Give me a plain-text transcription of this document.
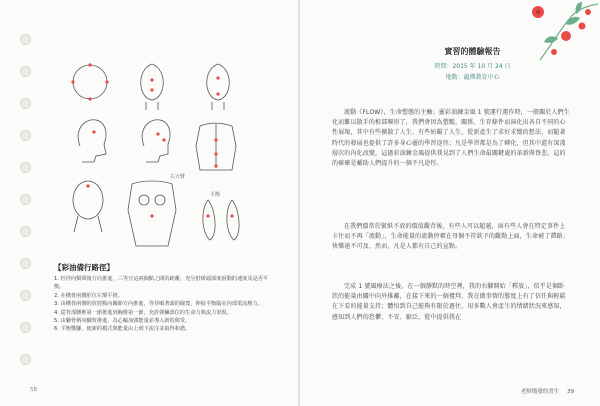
右大臂
平衡
【彩油備行路徑】
1. 杜拌向類頸後方向推進，三等分這兩個點之間的距離，充分舒緩頭部度困動的速度及是否平衡。
2. 在構骨兩側肝位左額平推。
3. 由構骨兩側的放射點向關節方向推進，等待順著頭的線寬，伸展平衡腦室內部電流壓力。
4. 從背部腰椎第一節推進到胸椎第一節，充許彈臟部位的生命力與流力渠現。
5. 由腳骨柄向腳背推進，為心輪加強能量並導入新的與受。
6. 平衡雙腳，使新的模式與能量由上到下流注並取得和諧。
58
實習的體驗報告
時間：2015 年 10 月 24 日
地點：龍潭教育中心
流動《FLOW》，生命塑態的主軸；靈彩油錬金風 1 號運行運作時，一般關於人們生化而難以散手的根部堰形了，我們會因為塑蹤，關係、生存條件而演化出各自不同的心性展現，其中有些擴散了人生，有些妨礙了人生，從新產生了求好求變的想法，而隨著時代的發展也提供了許多身心靈的學習途徑；凡是學習都是為了轉化，但其中還有深淺層次的內化改變，這過彩油鍊金風提供我見到了人們生命最關鍵處的革新與脊悲，這的的確確是輔助人們提升的一個不凡途徑。
在我們價常於緊紙不放的價值觀背後，有些人可以超越，面有些人會在特定事件上卡住而不再「流動」，生命能量的流動停頓在母個不符欽予的觀點上面，生命被了滯路；快樂遠不可及、然而，凡是人都有自己的宣點。
完成 1 號風療法之後，在一個靜默的時空裡，我的右腳開始「釋放」，似乎是個卧狀的能量由關中向外推離，在接下來的一個禮拜，我在做事情的態度上有了信任與輕鬆在下看的能量支持；體悟到自己能夠有限於過往，用多數人會產生的情緒狀況來感知，感知到人們的恐懼、不安、厭泛，從中提供我在
老鮮簡發的書生 39
